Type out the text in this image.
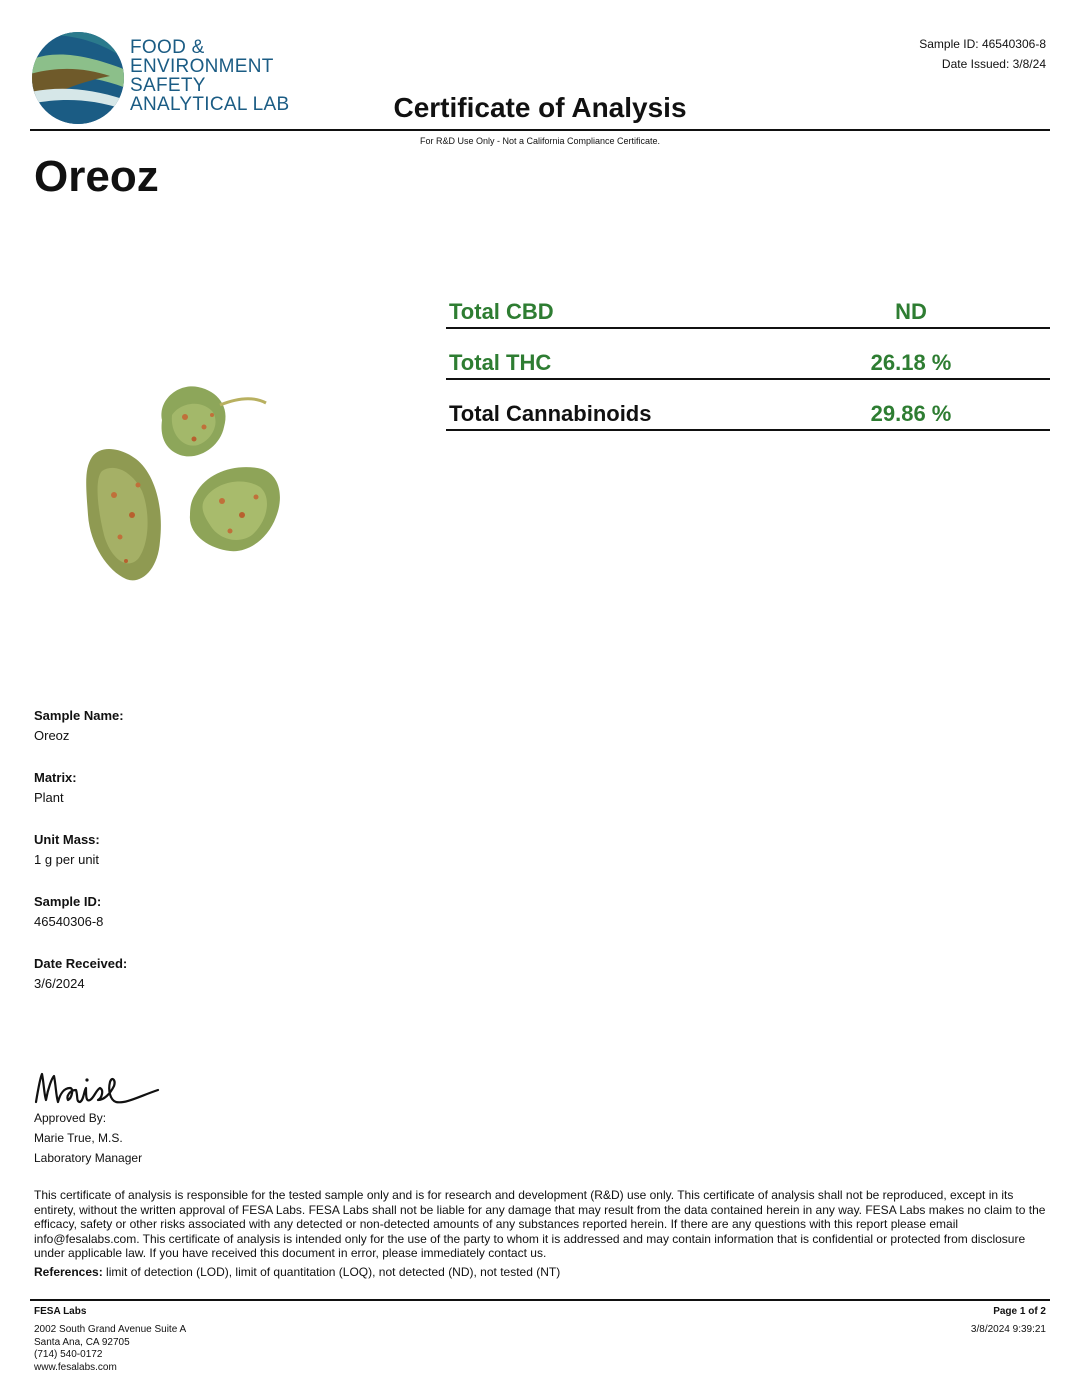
FOOD &
ENVIRONMENT
SAFETY
ANALYTICAL LAB
Sample ID: 46540306-8
Date Issued: 3/8/24
Certificate of Analysis
For R&D Use Only - Not a California Compliance Certificate.
Oreoz
Total CBD	ND
Total THC	26.18 %
Total Cannabinoids	29.86 %
Sample Name:
Oreoz
Matrix:
Plant
Unit Mass:
1 g per unit
Sample ID:
46540306-8
Date Received:
3/6/2024
Approved By:
Marie True, M.S.
Laboratory Manager
This certificate of analysis is responsible for the tested sample only and is for research and development (R&D) use only. This certificate of analysis shall not be reproduced, except in its entirety, without the written approval of FESA Labs. FESA Labs shall not be liable for any damage that may result from the data contained herein in any way. FESA Labs makes no claim to the efficacy, safety or other risks associated with any detected or non-detected amounts of any substances reported herein. If there are any questions with this report please email info@fesalabs.com. This certificate of analysis is intended only for the use of the party to whom it is addressed and may contain information that is confidential or protected from disclosure under applicable law. If you have received this document in error, please immediately contact us.
References: limit of detection (LOD), limit of quantitation (LOQ), not detected (ND), not tested (NT)
FESA Labs
2002 South Grand Avenue Suite A
Santa Ana, CA 92705
(714) 540-0172
www.fesalabs.com
Page 1 of 2
3/8/2024 9:39:21
